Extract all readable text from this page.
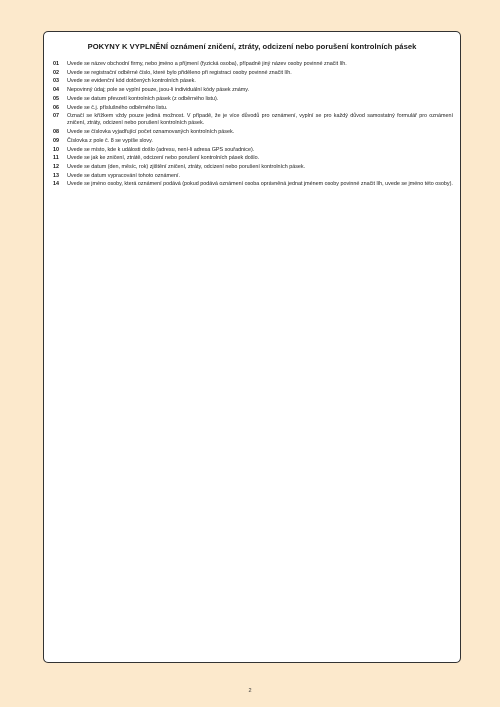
POKYNY K VYPLNĚNÍ oznámení zničení, ztráty, odcizení nebo porušení kontrolních pásek
01	Uvede se název obchodní firmy, nebo jméno a příjmení (fyzická osoba), případně jiný název osoby povinné značit líh.
02	Uvede se registrační odběrné číslo, které bylo přiděleno při registraci osoby povinné značit líh.
03	Uvede se evidenční kód dotčených kontrolních pásek.
04	Nepovinný údaj; pole se vyplní pouze, jsou-li individuální kódy pásek známy.
05	Uvede se datum převzetí kontrolních pásek (z odběrného listu).
06	Uvede se č.j. příslušného odběrného listu.
07	Označí se křížkem vždy pouze jediná možnost. V případě, že je více důvodů pro oznámení, vyplní se pro každý důvod samostatný formulář pro oznámení zničení, ztráty, odcizení nebo porušení kontrolních pásek.
08	Uvede se číslovka vyjadřující počet oznamovaných kontrolních pásek.
09	Číslovka z pole č. 8 se vypíše slovy.
10	Uvede se místo, kde k události došlo (adresu, není-li adresa GPS souřadnice).
11	Uvede se jak ke zničení, ztrátě, odcizení nebo porušení kontrolních pásek došlo.
12	Uvede se datum (den, měsíc, rok) zjištění zničení, ztráty, odcizení nebo porušení kontrolních pásek.
13	Uvede se datum vypracování tohoto oznámení.
14	Uvede se jméno osoby, která oznámení podává (pokud podává oznámení osoba oprávněná jednat jménem osoby povinné značit líh, uvede se jméno této osoby).
2
